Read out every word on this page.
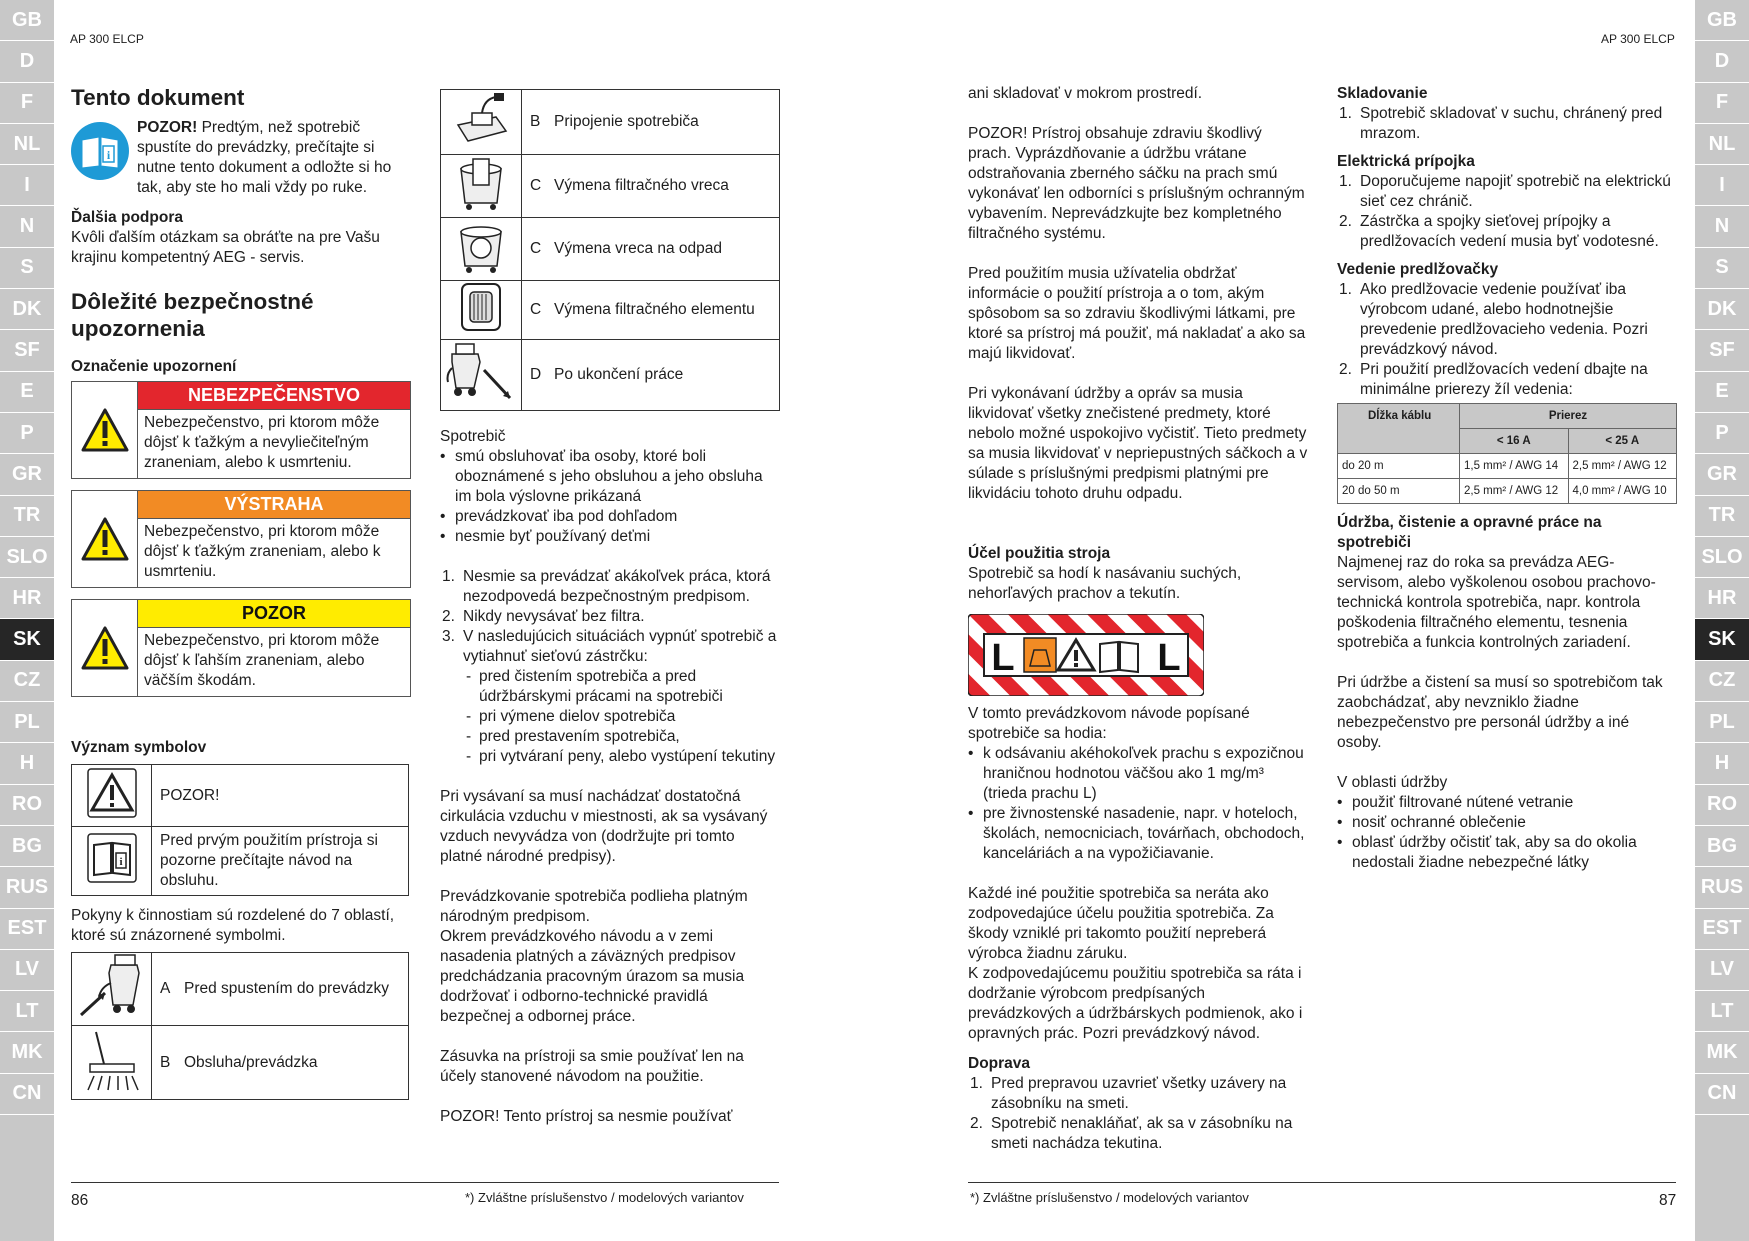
GB
D
F
NL
I
N
S
DK
SF
E
P
GR
TR
SLO
HR
SK
CZ
PL
H
RO
BG
RUS
EST
LV
LT
MK
CN
GB
D
F
NL
I
N
S
DK
SF
E
P
GR
TR
SLO
HR
SK
CZ
PL
H
RO
BG
RUS
EST
LV
LT
MK
CN
AP 300 ELCP	AP 300 ELCP
Tento dokument
i

POZOR! Predtým, než spotrebič spustíte do prevádzky, prečítajte si nutne tento dokument a odložte si ho tak, aby ste ho mali vždy po ruke.

Ďalšia podpora

Kvôli ďalším otázkam sa obráťte na pre Vašu krajinu kompetentný AEG - servis.

Dôležité bezpečnostné upozornenia
Označenie upozornení
NEBEZPEČENSTVO
Nebezpečenstvo, pri ktorom môže dôjsť k ťažkým a nevyliečiteľným zraneniam, alebo k usmrteniu.
VÝSTRAHA
Nebezpečenstvo, pri ktorom môže dôjsť k ťažkým zraneniam, alebo k usmrteniu.
POZOR
Nebezpečenstvo, pri ktorom môže dôjsť k ľahším zraneniam, alebo väčším škodám.
Význam symbolov
	POZOR!

i	Pred prvým použitím prístroja si pozorne prečítajte návod na obsluhu.

Pokyny k činnostiam sú rozdelené do 7 oblastí, ktoré sú znázornené symbolmi.

A Pred spustením do prevádzky

B Obsluha/prevádzka

B Pripojenie spotrebiča

C Výmena filtračného vreca

C Výmena vreca na odpad

C Výmena filtračného elementu

D Po ukončení práce

Spotrebič

• smú obsluhovať iba osoby, ktoré boli oboznámené s jeho obsluhou a jeho obsluha im bola výslovne prikázaná
• prevádzkovať iba pod dohľadom
• nesmie byť používaný deťmi
1. Nesmie sa prevádzať akákoľvek práca, ktorá nezodpovedá bezpečnostným predpisom.
2. Nikdy nevysávať bez filtra.
3. V nasledujúcich situáciách vypnúť spotrebič a vytiahnuť sieťovú zástrčku:
- pred čistením spotrebiča a pred údržbárskymi prácami na spotrebiči
- pri výmene dielov spotrebiča
- pred prestavením spotrebiča,
- pri vytváraní peny, alebo vystúpení tekutiny

Pri vysávaní sa musí nachádzať dostatočná cirkulácia vzduchu v miestnosti, ak sa vysávaný vzduch nevyvádza von (dodržujte pri tomto platné národné predpisy).

Prevádzkovanie spotrebiča podlieha platným národným predpisom.

Okrem prevádzkového návodu a v zemi nasadenia platných a záväzných predpisov predchádzania pracovným úrazom sa musia dodržovať i odborno-technické pravidlá bezpečnej a odbornej práce.

Zásuvka na prístroji sa smie používať len na účely stanovené návodom na použitie.

POZOR! Tento prístroj sa nesmie používať

ani skladovať v mokrom prostredí.

POZOR! Prístroj obsahuje zdraviu škodlivý prach. Vyprázdňovanie a údržbu vrátane odstraňovania zberného sáčku na prach smú vykonávať len odborníci s príslušným ochranným vybavením. Neprevádzkujte bez kompletného filtračného systému.

Pred použitím musia užívatelia obdržať informácie o použití prístroja a o tom, akým spôsobom sa so zdraviu škodlivými látkami, pre ktoré sa prístroj má použiť, má nakladať a ako sa majú likvidovať.

Pri vykonávaní údržby a opráv sa musia likvidovať všetky znečistené predmety, ktoré nebolo možné uspokojivo vyčistiť. Tieto predmety sa musia likvidovať v nepriepustných sáčkoch a v súlade s príslušnými predpismi platnými pre likvidáciu tohoto druhu odpadu.

Účel použitia stroja

Spotrebič sa hodí k nasávaniu suchých, nehorľavých prachov a tekutín.

L	L

V tomto prevádzkovom návode popísané spotrebiče sa hodia:

• k odsávaniu akéhokoľvek prachu s expozičnou hraničnou hodnotou väčšou ako 1 mg/m³ (trieda prachu L)
• pre živnostenské nasadenie, napr. v hoteloch, školách, nemocniciach, továrňach, obchodoch, kanceláriách a na vypožičiavanie.

Každé iné použitie spotrebiča sa neráta ako zodpovedajúce účelu použitia spotrebiča. Za škody vzniklé pri takomto použití nepreberá výrobca žiadnu záruku.

K zodpovedajúcemu použitiu spotrebiča sa ráta i dodržanie výrobcom predpísaných prevádzkových a údržbárskych podmienok, ako i opravných prác. Pozri prevádzkový návod.

Doprava
1. Pred prepravou uzavrieť všetky uzávery na zásobníku na smeti.
2. Spotrebič nenakláňať, ak sa v zásobníku na smeti nachádza tekutina.
Skladovanie
1. Spotrebič skladovať v suchu, chránený pred mrazom.
Elektrická prípojka
1. Doporučujeme napojiť spotrebič na elektrickú sieť cez chránič.
2. Zástrčka a spojky sieťovej prípojky a predlžovacích vedení musia byť vodotesné.
Vedenie predlžovačky
1. Ako predlžovacie vedenie používať iba výrobcom udané, alebo hodnotnejšie prevedenie predlžovacieho vedenia. Pozri prevádzkový návod.
2. Pri použití predlžovacích vedení dbajte na minimálne prierezy žíl vedenia:
Dĺžka káblu	Prierez	
	< 16 A	< 25 A
do 20 m	1,5 mm² / AWG 14	2,5 mm² / AWG 12
20 do 50 m	2,5 mm² / AWG 12	4,0 mm² / AWG 10
Údržba, čistenie a opravné práce na spotrebiči

Najmenej raz do roka sa prevádza AEG-servisom, alebo vyškolenou osobou prachovo-technická kontrola spotrebiča, napr. kontrola poškodenia filtračného elementu, tesnenia spotrebiča a funkcia kontrolných zariadení.

Pri údržbe a čistení sa musí so spotrebičom tak zaobchádzať, aby nevzniklo žiadne nebezpečenstvo pre personál údržby a iné osoby.

V oblasti údržby

• použiť filtrované nútené vetranie
• nosiť ochranné oblečenie
• oblasť údržby očistiť tak, aby sa do okolia nedostali žiadne nebezpečné látky
86	*) Zvláštne príslušenstvo / modelových variantov	*) Zvláštne príslušenstvo / modelových variantov	87
